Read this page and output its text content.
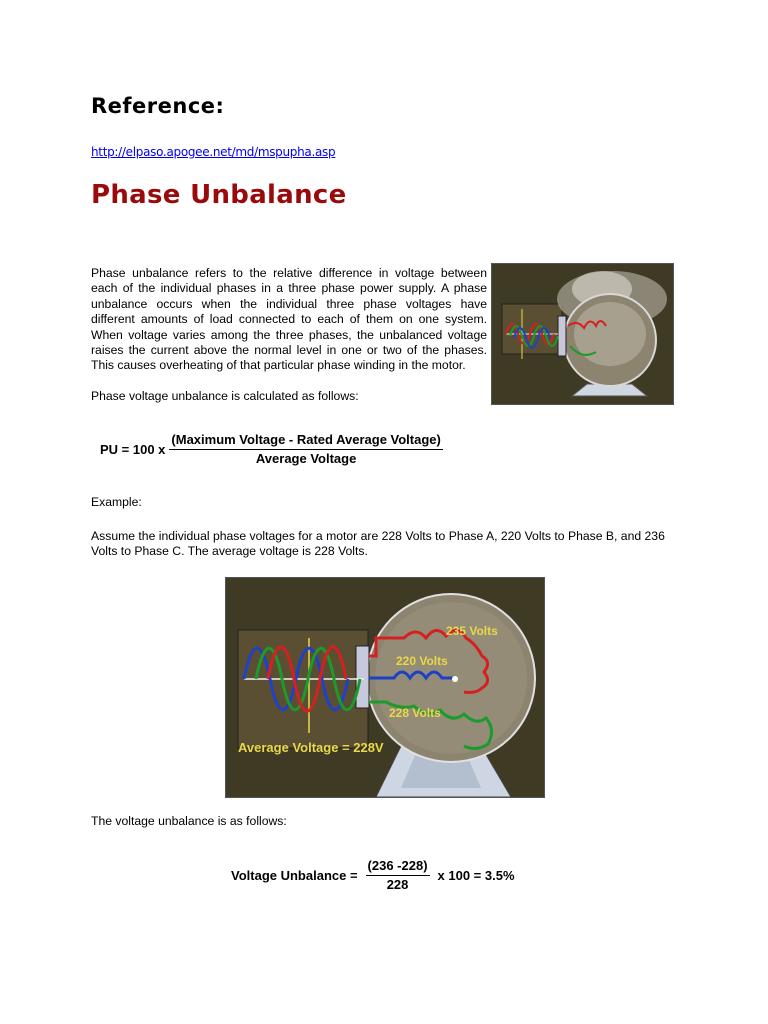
Reference:
http://elpaso.apogee.net/md/mspupha.asp
Phase Unbalance

Phase unbalance refers to the relative difference in voltage between each of the individual phases in a three phase power supply. A phase unbalance occurs when the individual three phase voltages have different amounts of load connected to each of them on one system. When voltage varies among the three phases, the unbalanced voltage raises the current above the normal level in one or two of the phases. This causes overheating of that particular phase winding in the motor.

Phase voltage unbalance is calculated as follows:

PU = 100 x $\frac{\text{(Maximum Voltage - Rated Average Voltage)}}{\text{Average Voltage}}$

Example:

Assume the individual phase voltages for a motor are 228 Volts to Phase A, 220 Volts to Phase B, and 236 Volts to Phase C. The average voltage is 228 Volts.

235 Volts
220 Volts
228 Volts
Average Voltage = 228V

The voltage unbalance is as follows:

Voltage Unbalance = $\frac{(236 -228)}{228}$ x 100 = 3.5%
